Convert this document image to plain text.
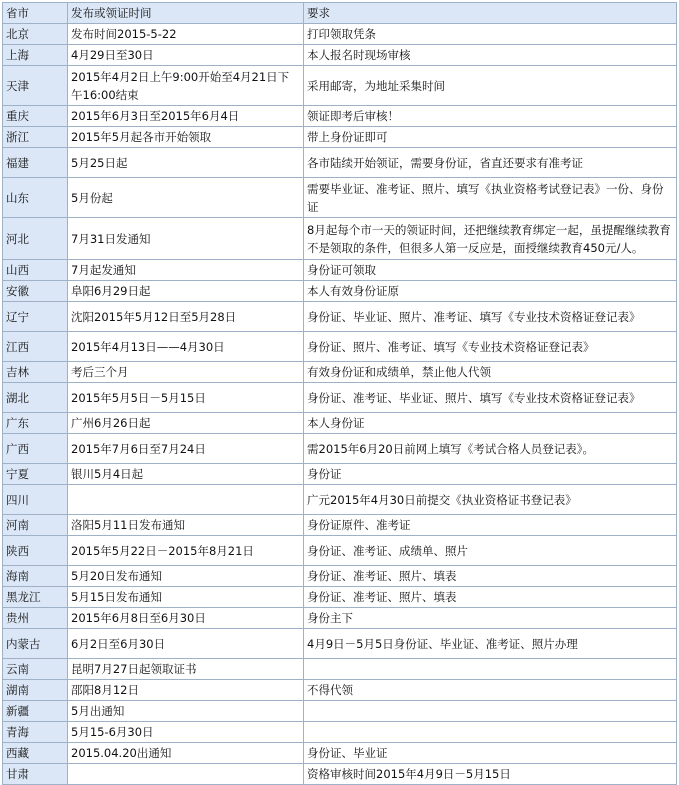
省市	发布或领证时间	要求
北京	发布时间2015-5-22	打印领取凭条
上海	4月29日至30日	本人报名时现场审核
天津	2015年4月2日上午9:00开始至4月21日下午16:00结束	采用邮寄，为地址采集时间
重庆	2015年6月3日至2015年6月4日	领证即考后审核！
浙江	2015年5月起各市开始领取	带上身份证即可
福建	5月25日起	各市陆续开始领证，需要身份证，省直还要求有准考证
山东	5月份起	需要毕业证、准考证、照片、填写《执业资格考试登记表》一份、身份证
河北	7月31日发通知	8月起每个市一天的领证时间，还把继续教育绑定一起，虽提醒继续教育不是领取的条件，但很多人第一反应是，面授继续教育450元/人。
山西	7月起发通知	身份证可领取
安徽	阜阳6月29日起	本人有效身份证原
辽宁	沈阳2015年5月12日至5月28日	身份证、毕业证、照片、准考证、填写《专业技术资格证登记表》
江西	2015年4月13日——4月30日	身份证、照片、准考证、填写《专业技术资格证登记表》
吉林	考后三个月	有效身份证和成绩单，禁止他人代领
湖北	2015年5月5日－5月15日	身份证、准考证、毕业证、照片、填写《专业技术资格证登记表》
广东	广州6月26日起	本人身份证
广西	2015年7月6日至7月24日	需2015年6月20日前网上填写《考试合格人员登记表》。
宁夏	银川5月4日起	身份证
四川		广元2015年4月30日前提交《执业资格证书登记表》
河南	洛阳5月11日发布通知	身份证原件、准考证
陕西	2015年5月22日－2015年8月21日	身份证、准考证、成绩单、照片
海南	5月20日发布通知	身份证、准考证、照片、填表
黑龙江	5月15日发布通知	身份证、准考证、照片、填表
贵州	2015年6月8日至6月30日	身份主下
内蒙古	6月2日至6月30日	4月9日－5月5日身份证、毕业证、准考证、照片办理
云南	昆明7月27日起领取证书	
湖南	邵阳8月12日	不得代领
新疆	5月出通知	
青海	5月15-6月30日	
西藏	2015.04.20出通知	身份证、毕业证
甘肃		资格审核时间2015年4月9日－5月15日
